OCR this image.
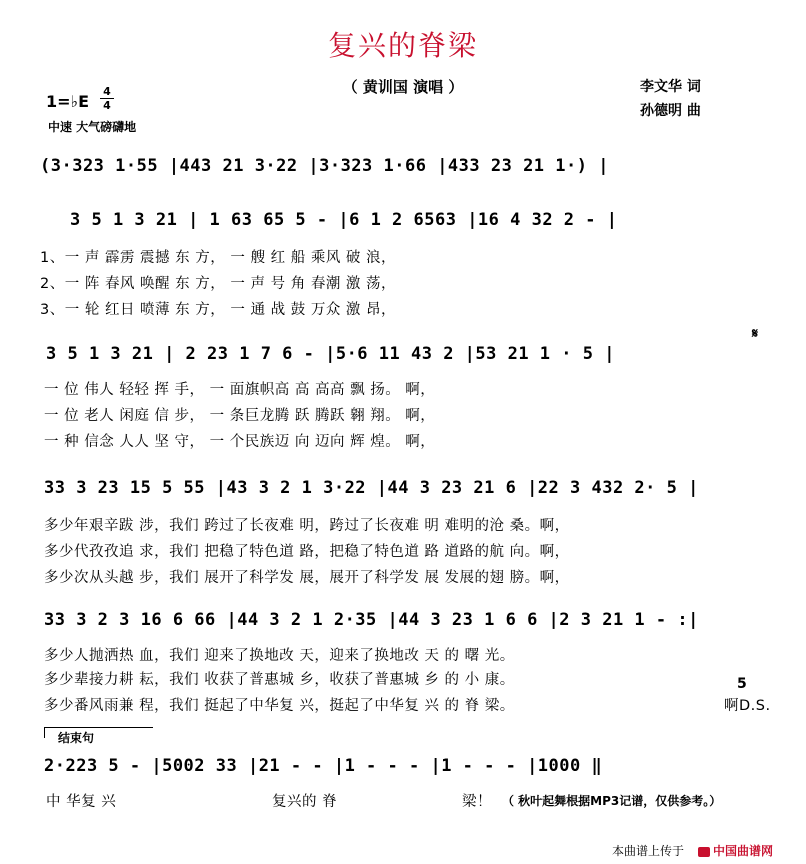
复兴的脊梁
（ 黄训国 演唱 ）	李文华 词
孙德明 曲
1=♭E
4
4
中速 大气磅礴地
(3·323 1·55 |443 21 3·22 |3·323 1·66 |433 23 21 1·) |
3 5 1 3 21 | 1 63 65 5 - |6 1 2 6563 |16 4 32 2 - |
1、一 声 霹雳 震撼 东 方， 一 艘 红 船 乘风 破 浪，
2、一 阵 春风 唤醒 东 方， 一 声 号 角 春潮 激 荡，
3、一 轮 红日 喷薄 东 方， 一 通 战 鼓 万众 激 昂，
3 5 1 3 21 | 2 23 1 7 6 - |5·6 11 43 2 |53 21 1 · 5 |
𝄋
一 位 伟人 轻轻 挥 手， 一 面旗帜高 高 高高 飘 扬。 啊，
一 位 老人 闲庭 信 步， 一 条巨龙腾 跃 腾跃 翱 翔。 啊，
一 种 信念 人人 坚 守， 一 个民族迈 向 迈向 辉 煌。 啊，
33 3 23 15 5 55 |43 3 2 1 3·22 |44 3 23 21 6 |22 3 432 2· 5 |
多少年艰辛跋 涉，我们 跨过了长夜难 明，跨过了长夜难 明 难明的沧 桑。啊，
多少代孜孜追 求，我们 把稳了特色道 路，把稳了特色道 路 道路的航 向。啊，
多少次从头越 步，我们 展开了科学发 展，展开了科学发 展 发展的翅 膀。啊，
33 3 2 3 16 6 66 |44 3 2 1 2·35 |44 3 23 1 6 6 |2 3 21 1 - :|
多少人抛洒热 血，我们 迎来了换地改 天，迎来了换地改 天 的 曙 光。
多少辈接力耕 耘，我们 收获了普惠城 乡，收获了普惠城 乡 的 小 康。
多少番风雨兼 程，我们 挺起了中华复 兴，挺起了中华复 兴 的 脊 梁。
5
啊D.S.
结束句
2·223 5 - |5002 33 |21 - - |1 - - - |1 - - - |1000 ‖
中 华复 兴	复兴的 脊	梁！ （ 秋叶起舞根据MP3记谱，仅供参考。）
本曲谱上传于	中国曲谱网
